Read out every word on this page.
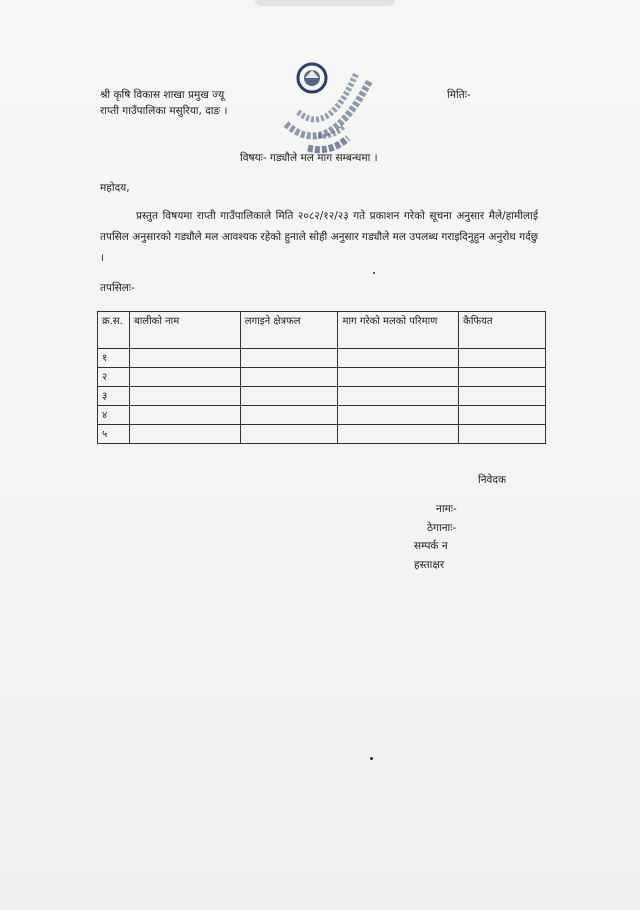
श्री कृषि विकास शाखा प्रमुख ज्यू
राप्ती गाउँपालिका मसुरिया, दाङ ।
मितिः-
विषयः- गड्यौले मल माग सम्बन्धमा ।
महोदय,
प्रस्तुत विषयमा राप्ती गाउँपालिकाले मिति २०८२/१२/२३ गते प्रकाशन गरेको सूचना अनुसार मैले/हामीलाई तपसिल अनुसारको गड्यौले मल आवश्यक रहेको हुनाले सोही अनुसार गड्यौले मल उपलब्ध गराइदिनुहुन अनुरोध गर्दछु ।
तपसिलः-
क्र.स.	बालीको नाम	लगाइने क्षेत्रफल	माग गरेको मलको परिमाण	कैफियत
१				
२				
३				
४				
५				
निवेदक
नामः-
ठेगानाः-
सम्पर्क न
हस्ताक्षर
